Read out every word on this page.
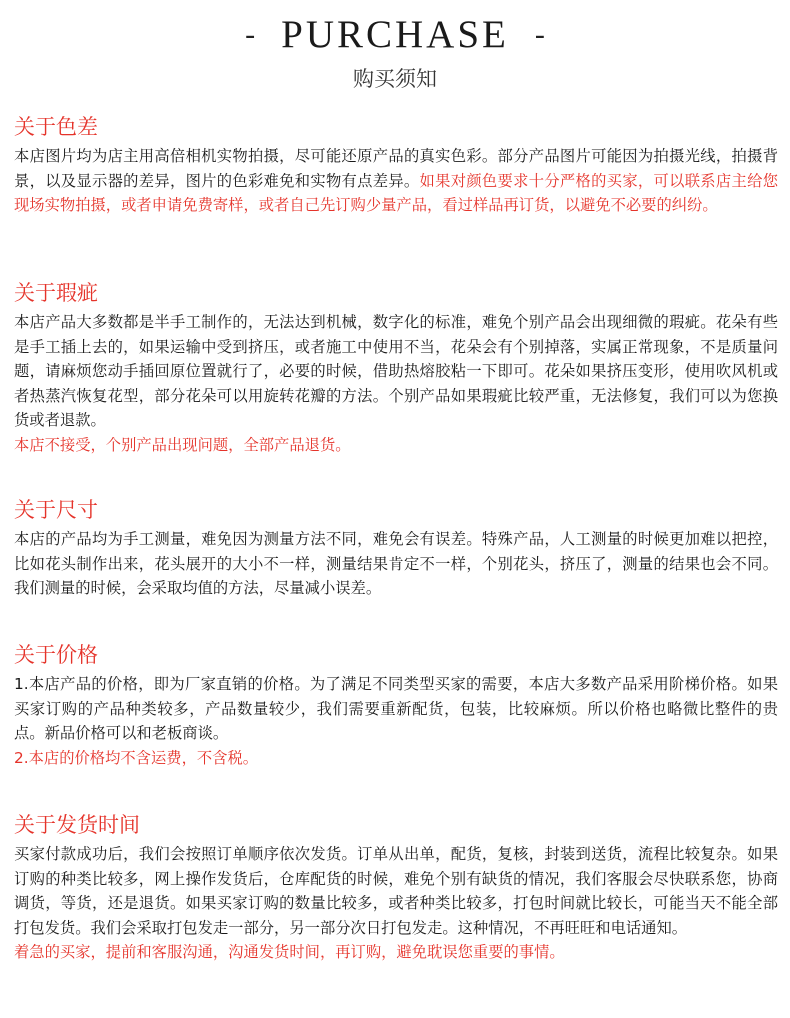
- PURCHASE -
购买须知
关于色差

本店图片均为店主用高倍相机实物拍摄，尽可能还原产品的真实色彩。部分产品图片可能因为拍摄光线，拍摄背景，以及显示器的差异，图片的色彩难免和实物有点差异。如果对颜色要求十分严格的买家，可以联系店主给您现场实物拍摄，或者申请免费寄样，或者自己先订购少量产品，看过样品再订货，以避免不必要的纠纷。

关于瑕疵

本店产品大多数都是半手工制作的，无法达到机械，数字化的标准，难免个别产品会出现细微的瑕疵。花朵有些是手工插上去的，如果运输中受到挤压，或者施工中使用不当，花朵会有个别掉落，实属正常现象，不是质量问题，请麻烦您动手插回原位置就行了，必要的时候，借助热熔胶粘一下即可。花朵如果挤压变形，使用吹风机或者热蒸汽恢复花型，部分花朵可以用旋转花瓣的方法。个别产品如果瑕疵比较严重，无法修复，我们可以为您换货或者退款。

本店不接受，个别产品出现问题，全部产品退货。

关于尺寸

本店的产品均为手工测量，难免因为测量方法不同，难免会有误差。特殊产品，人工测量的时候更加难以把控，比如花头制作出来，花头展开的大小不一样，测量结果肯定不一样，个别花头，挤压了，测量的结果也会不同。我们测量的时候，会采取均值的方法，尽量减小误差。

关于价格

1.本店产品的价格，即为厂家直销的价格。为了满足不同类型买家的需要，本店大多数产品采用阶梯价格。如果买家订购的产品种类较多，产品数量较少，我们需要重新配货，包装，比较麻烦。所以价格也略微比整件的贵点。新品价格可以和老板商谈。

2.本店的价格均不含运费，不含税。

关于发货时间

买家付款成功后，我们会按照订单顺序依次发货。订单从出单，配货，复核，封装到送货，流程比较复杂。如果订购的种类比较多，网上操作发货后，仓库配货的时候，难免个别有缺货的情况，我们客服会尽快联系您，协商调货，等货，还是退货。如果买家订购的数量比较多，或者种类比较多，打包时间就比较长，可能当天不能全部打包发货。我们会采取打包发走一部分，另一部分次日打包发走。这种情况，不再旺旺和电话通知。

着急的买家，提前和客服沟通，沟通发货时间，再订购，避免耽误您重要的事情。
